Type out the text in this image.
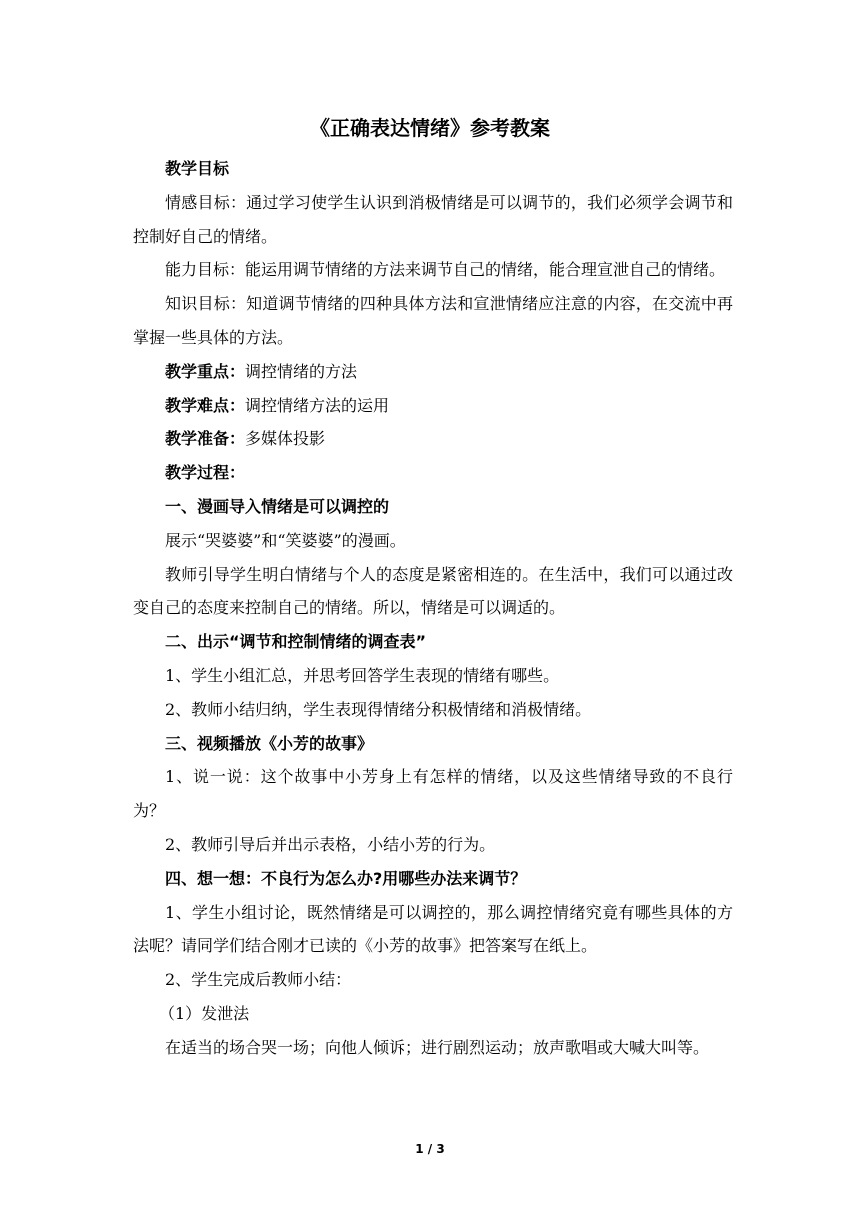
《正确表达情绪》参考教案

教学目标

情感目标：通过学习使学生认识到消极情绪是可以调节的，我们必须学会调节和控制好自己的情绪。

能力目标：能运用调节情绪的方法来调节自己的情绪，能合理宣泄自己的情绪。

知识目标：知道调节情绪的四种具体方法和宣泄情绪应注意的内容，在交流中再掌握一些具体的方法。

教学重点：调控情绪的方法

教学难点：调控情绪方法的运用

教学准备：多媒体投影

教学过程：

一、漫画导入情绪是可以调控的

展示“哭婆婆”和“笑婆婆”的漫画。

教师引导学生明白情绪与个人的态度是紧密相连的。在生活中，我们可以通过改变自己的态度来控制自己的情绪。所以，情绪是可以调适的。

二、出示“调节和控制情绪的调查表”

1、学生小组汇总，并思考回答学生表现的情绪有哪些。

2、教师小结归纳，学生表现得情绪分积极情绪和消极情绪。

三、视频播放《小芳的故事》

1、说一说：这个故事中小芳身上有怎样的情绪，以及这些情绪导致的不良行为？

2、教师引导后并出示表格，小结小芳的行为。

四、想一想：不良行为怎么办?用哪些办法来调节？

1、学生小组讨论，既然情绪是可以调控的，那么调控情绪究竟有哪些具体的方法呢？请同学们结合刚才已读的《小芳的故事》把答案写在纸上。

2、学生完成后教师小结：

（1）发泄法

在适当的场合哭一场；向他人倾诉；进行剧烈运动；放声歌唱或大喊大叫等。

1 / 3
